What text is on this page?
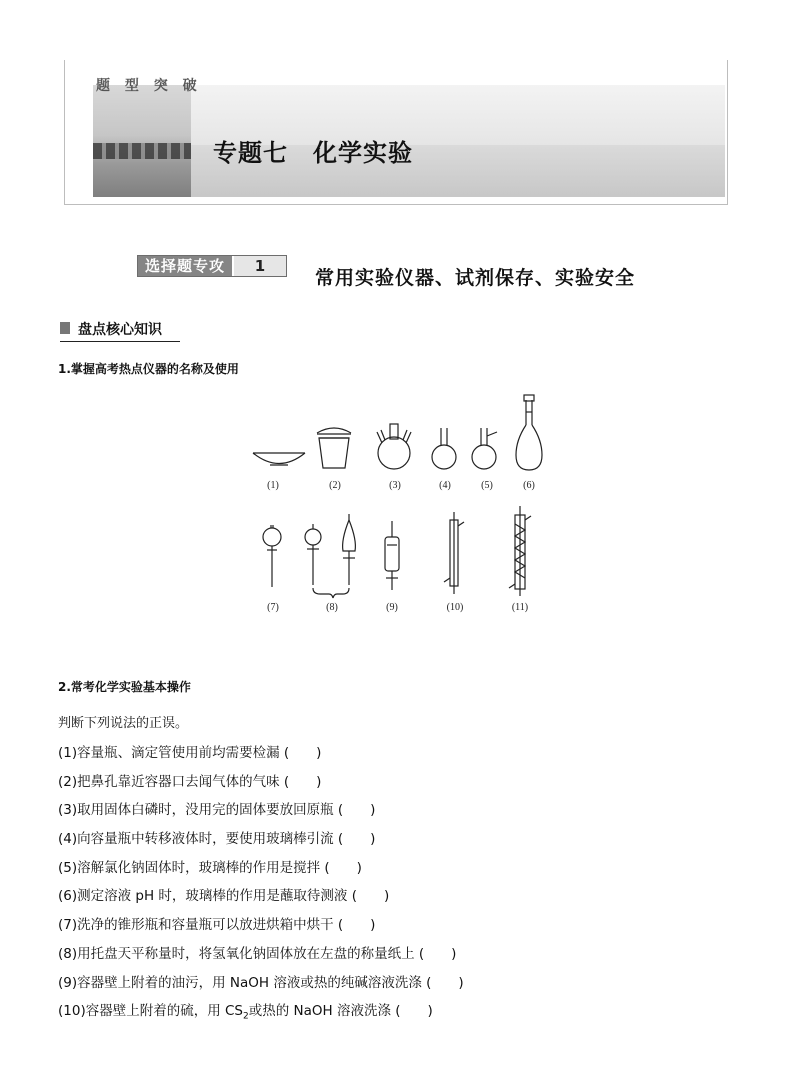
题 型 突 破
专题七　化学实验
选择题专攻	1
常用实验仪器、试剂保存、实验安全
盘点核心知识
1.掌握高考热点仪器的名称及使用
(1)	(2)	(3)	(4)	(5)	(6)
(7)	(8)	(9)	(10)	(11)
2.常考化学实验基本操作
判断下列说法的正误。
(1)容量瓶、滴定管使用前均需要检漏 (　　)
(2)把鼻孔靠近容器口去闻气体的气味 (　　)
(3)取用固体白磷时，没用完的固体要放回原瓶 (　　)
(4)向容量瓶中转移液体时，要使用玻璃棒引流 (　　)
(5)溶解氯化钠固体时，玻璃棒的作用是搅拌 (　　)
(6)测定溶液 pH 时，玻璃棒的作用是蘸取待测液 (　　)
(7)洗净的锥形瓶和容量瓶可以放进烘箱中烘干 (　　)
(8)用托盘天平称量时，将氢氧化钠固体放在左盘的称量纸上 (　　)
(9)容器壁上附着的油污，用 NaOH 溶液或热的纯碱溶液洗涤 (　　)
(10)容器壁上附着的硫，用 $CS_2$或热的 NaOH 溶液洗涤 (　　)
